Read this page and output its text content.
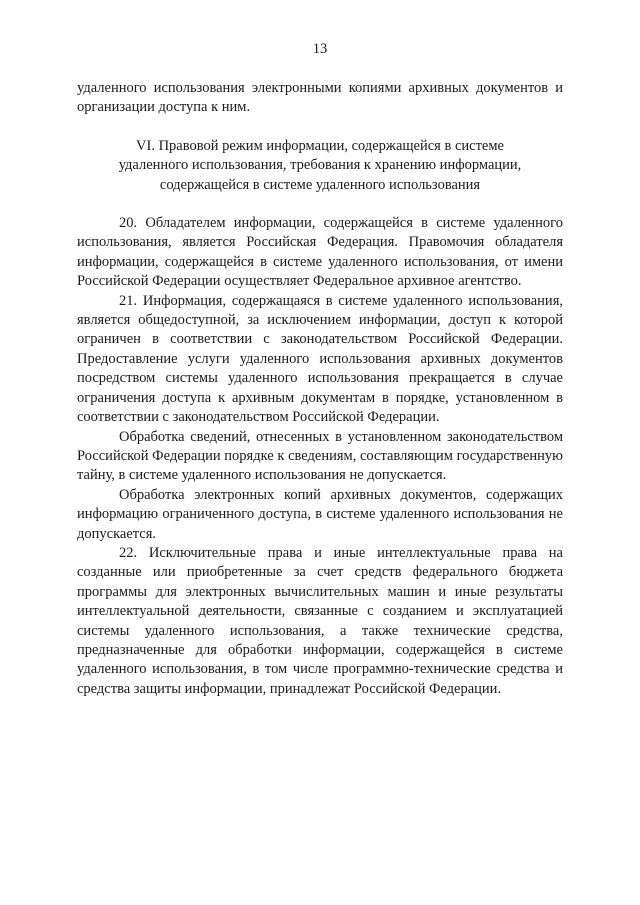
13

удаленного использования электронными копиями архивных документов и организации доступа к ним.

VI. Правовой режим информации, содержащейся в системе
удаленного использования, требования к хранению информации,
содержащейся в системе удаленного использования

20. Обладателем информации, содержащейся в системе удаленного использования, является Российская Федерация. Правомочия обладателя информации, содержащейся в системе удаленного использования, от имени Российской Федерации осуществляет Федеральное архивное агентство.

21. Информация, содержащаяся в системе удаленного использования, является общедоступной, за исключением информации, доступ к которой ограничен в соответствии с законодательством Российской Федерации. Предоставление услуги удаленного использования архивных документов посредством системы удаленного использования прекращается в случае ограничения доступа к архивным документам в порядке, установленном в соответствии с законодательством Российской Федерации.

Обработка сведений, отнесенных в установленном законодательством Российской Федерации порядке к сведениям, составляющим государственную тайну, в системе удаленного использования не допускается.

Обработка электронных копий архивных документов, содержащих информацию ограниченного доступа, в системе удаленного использования не допускается.

22. Исключительные права и иные интеллектуальные права на созданные или приобретенные за счет средств федерального бюджета программы для электронных вычислительных машин и иные результаты интеллектуальной деятельности, связанные с созданием и эксплуатацией системы удаленного использования, а также технические средства, предназначенные для обработки информации, содержащейся в системе удаленного использования, в том числе программно-технические средства и средства защиты информации, принадлежат Российской Федерации.
